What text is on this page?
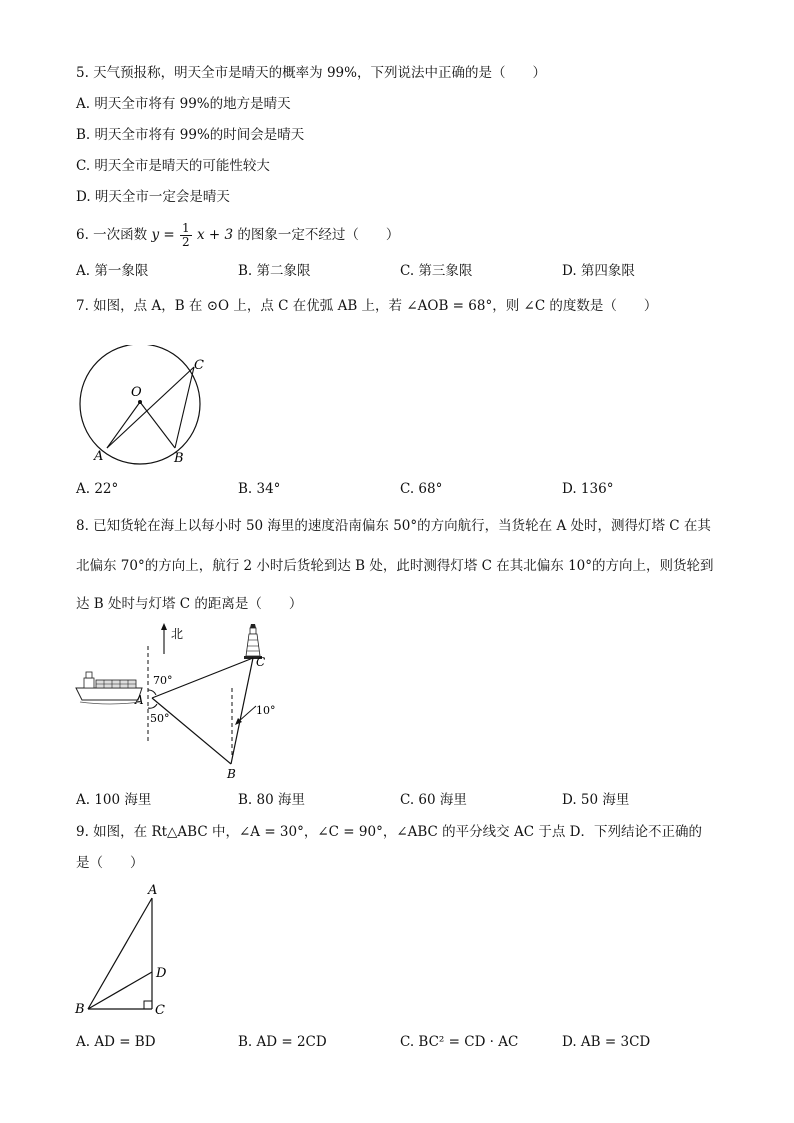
5. 天气预报称，明天全市是晴天的概率为 99%，下列说法中正确的是（　　）
A. 明天全市将有 99%的地方是晴天
B. 明天全市将有 99%的时间会是晴天
C. 明天全市是晴天的可能性较大
D. 明天全市一定会是晴天
6. 一次函数 $y = \frac{1}{2}$ x + 3 的图象一定不经过（　　）
A. 第一象限	B. 第二象限	C. 第三象限	D. 第四象限
7. 如图，点 A，B 在 ⊙O 上，点 C 在优弧 AB 上，若 ∠AOB = 68°，则 ∠C 的度数是（　　）
O
A	B
C
A. 22°	B. 34°	C. 68°	D. 136°
8. 已知货轮在海上以每小时 50 海里的速度沿南偏东 50°的方向航行，当货轮在 A 处时，测得灯塔 C 在其
北偏东 70°的方向上，航行 2 小时后货轮到达 B 处，此时测得灯塔 C 在其北偏东 10°的方向上，则货轮到
达 B 处时与灯塔 C 的距离是（　　）
北
70°
50°
10°
A
B
C
A. 100 海里	B. 80 海里	C. 60 海里	D. 50 海里
9. 如图，在 Rt△ABC 中，∠A = 30°，∠C = 90°，∠ABC 的平分线交 AC 于点 D．下列结论不正确的
是（　　）
A
B	C
D
A. AD = BD	B. AD = 2CD	C. BC² = CD · AC	D. AB = 3CD
